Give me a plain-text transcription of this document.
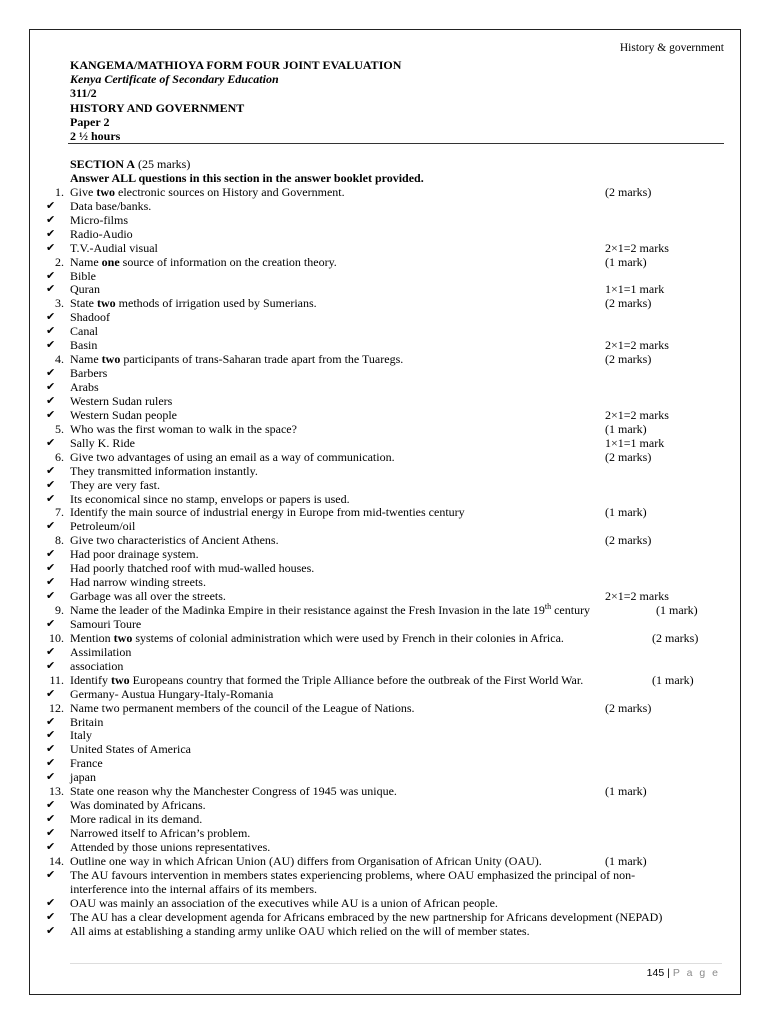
History & government
KANGEMA/MATHIOYA FORM FOUR JOINT EVALUATION
Kenya Certificate of Secondary Education
311/2
HISTORY AND GOVERNMENT
Paper 2
2 ½ hours
SECTION A (25 marks)
Answer ALL questions in this section in the answer booklet provided.
1. Give two electronic sources on History and Government.	(2 marks)
✔ Data base/banks.
✔ Micro-films
✔ Radio-Audio
✔ T.V.-Audial visual	2×1=2 marks
2. Name one source of information on the creation theory.	(1 mark)
✔ Bible
✔ Quran	1×1=1 mark
3. State two methods of irrigation used by Sumerians.	(2 marks)
✔ Shadoof
✔ Canal
✔ Basin	2×1=2 marks
4. Name two participants of trans-Saharan trade apart from the Tuaregs.	(2 marks)
✔ Barbers
✔ Arabs
✔ Western Sudan rulers
✔ Western Sudan people	2×1=2 marks
5. Who was the first woman to walk in the space?	(1 mark)
✔ Sally K. Ride	1×1=1 mark
6. Give two advantages of using an email as a way of communication.	(2 marks)
✔ They transmitted information instantly.
✔ They are very fast.
✔ Its economical since no stamp, envelops or papers is used.
7. Identify the main source of industrial energy in Europe from mid-twenties century	(1 mark)
✔ Petroleum/oil
8. Give two characteristics of Ancient Athens.	(2 marks)
✔ Had poor drainage system.
✔ Had poorly thatched roof with mud-walled houses.
✔ Had narrow winding streets.
✔ Garbage was all over the streets.	2×1=2 marks
9. Name the leader of the Madinka Empire in their resistance against the Fresh Invasion in the late 19th century	(1 mark)
✔ Samouri Toure
10. Mention two systems of colonial administration which were used by French in their colonies in Africa.	(2 marks)
✔ Assimilation
✔ association
11. Identify two Europeans country that formed the Triple Alliance before the outbreak of the First World War.	(1 mark)
✔ Germany- Austua Hungary-Italy-Romania
12. Name two permanent members of the council of the League of Nations.	(2 marks)
✔ Britain
✔ Italy
✔ United States of America
✔ France
✔ japan
13. State one reason why the Manchester Congress of 1945 was unique.	(1 mark)
✔ Was dominated by Africans.
✔ More radical in its demand.
✔ Narrowed itself to African’s problem.
✔ Attended by those unions representatives.
14. Outline one way in which African Union (AU) differs from Organisation of African Unity (OAU).	(1 mark)
✔ The AU favours intervention in members states experiencing problems, where OAU emphasized the principal of non-interference into the internal affairs of its members.
✔ OAU was mainly an association of the executives while AU is a union of African people.
✔ The AU has a clear development agenda for Africans embraced by the new partnership for Africans development (NEPAD)
✔ All aims at establishing a standing army unlike OAU which relied on the will of member states.
145 | P a g e
